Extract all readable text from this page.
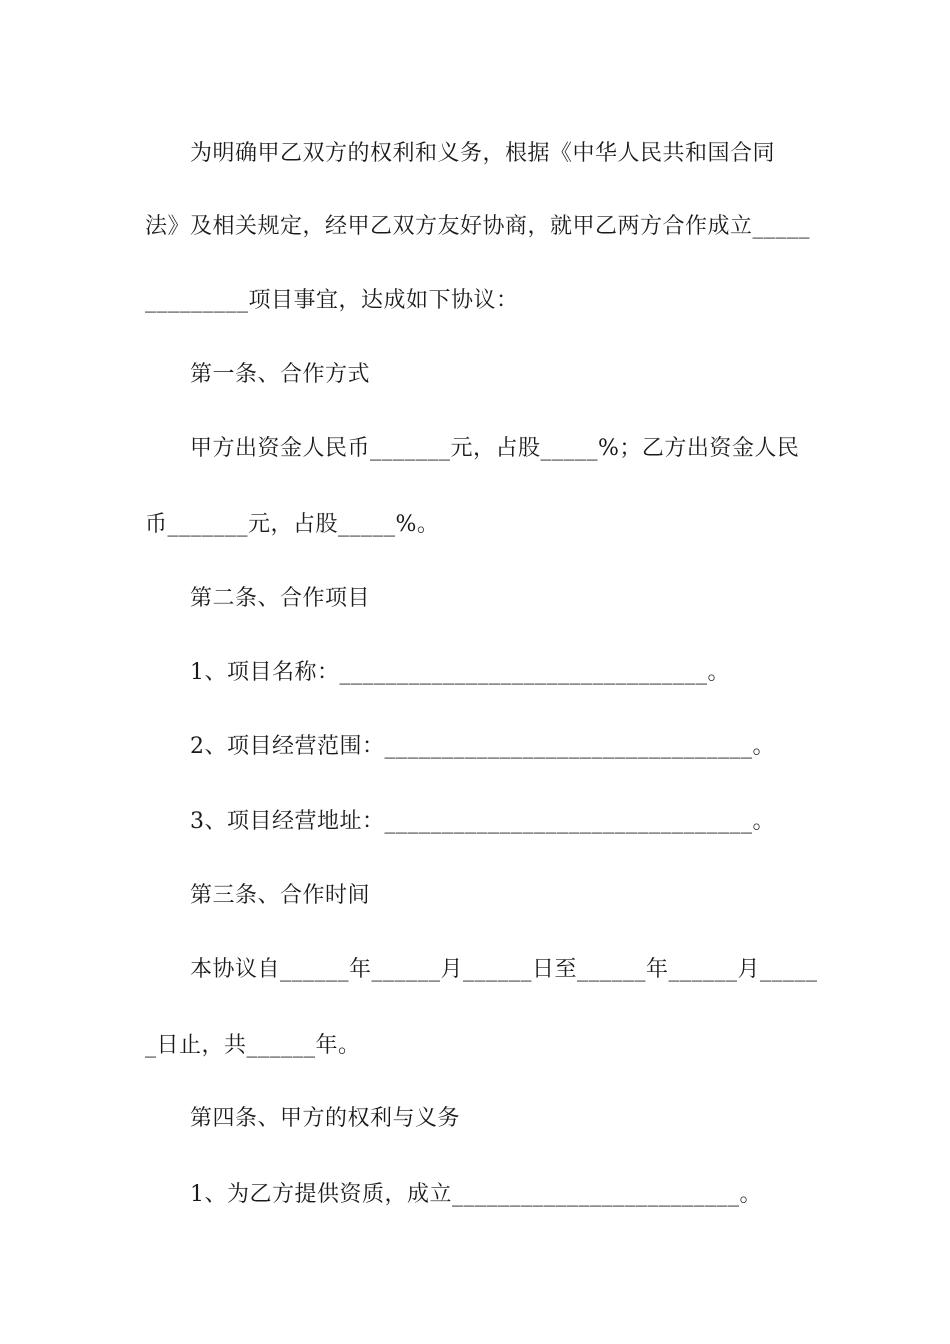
为明确甲乙双方的权利和义务，根据《中华人民共和国合同
法》及相关规定，经甲乙双方友好协商，就甲乙两方合作成立_____
_________项目事宜，达成如下协议：
第一条、合作方式
甲方出资金人民币_______元，占股_____%；乙方出资金人民
币_______元，占股_____%。
第二条、合作项目
1、项目名称：________________________________。
2、项目经营范围：________________________________。
3、项目经营地址：________________________________。
第三条、合作时间
本协议自______年______月______日至______年______月_____
_日止，共______年。
第四条、甲方的权利与义务
1、为乙方提供资质，成立_________________________。
